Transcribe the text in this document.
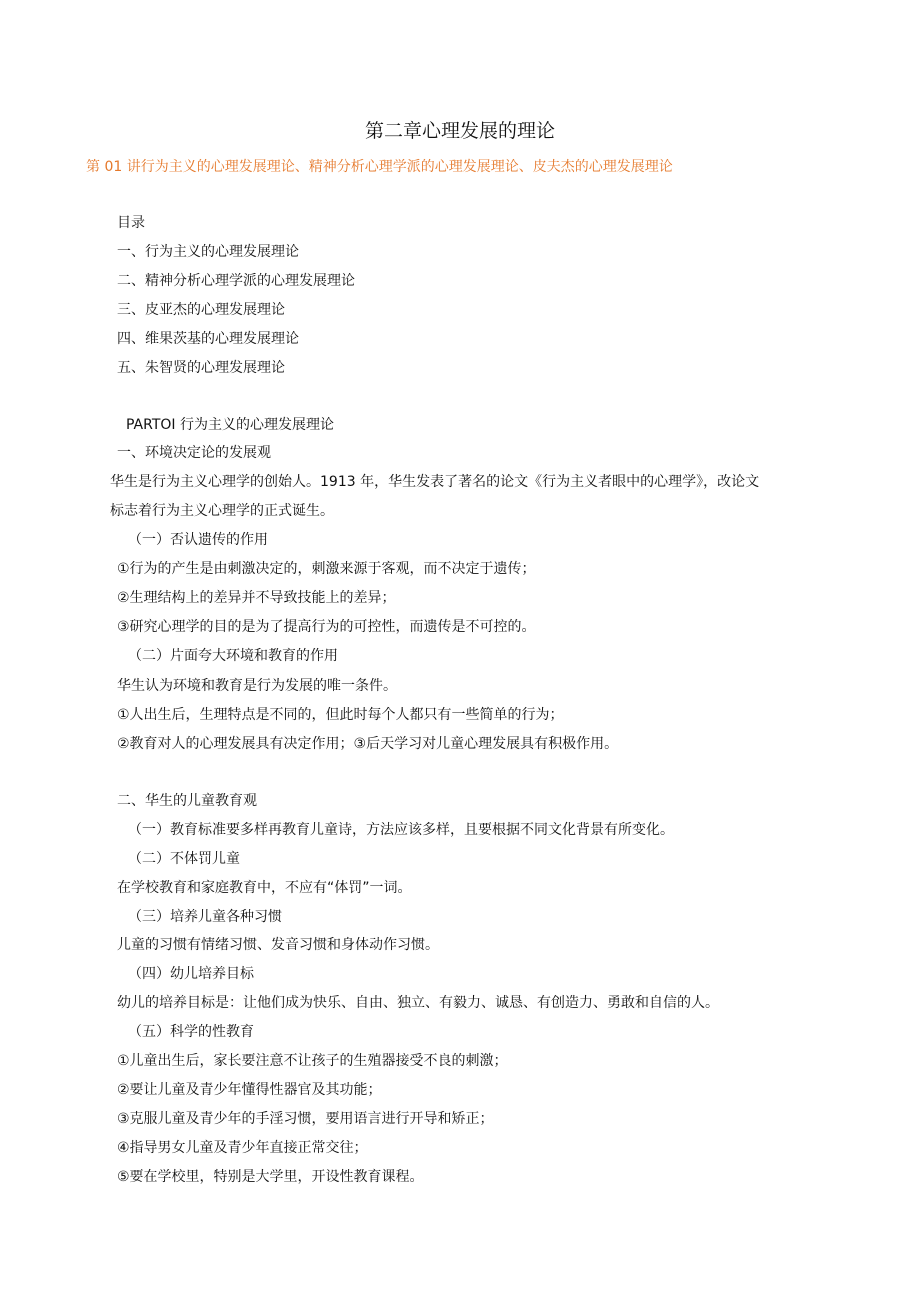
第二章心理发展的理论
第 01 讲行为主义的心理发展理论、精神分析心理学派的心理发展理论、皮夫杰的心理发展理论
目录
一、行为主义的心理发展理论
二、精神分析心理学派的心理发展理论
三、皮亚杰的心理发展理论
四、维果茨基的心理发展理论
五、朱智贤的心理发展理论
PARTOI 行为主义的心理发展理论
一、环境决定论的发展观
华生是行为主义心理学的创始人。1913 年，华生发表了著名的论文《行为主义者眼中的心理学》，改论文
标志着行为主义心理学的正式诞生。
（一）否认遗传的作用
①行为的产生是由刺激决定的，刺激来源于客观，而不决定于遗传；
②生理结构上的差异并不导致技能上的差异；
③研究心理学的目的是为了提高行为的可控性，而遗传是不可控的。
（二）片面夸大环境和教育的作用
华生认为环境和教育是行为发展的唯一条件。
①人出生后，生理特点是不同的，但此时每个人都只有一些简单的行为；
②教育对人的心理发展具有决定作用；③后天学习对儿童心理发展具有积极作用。
二、华生的儿童教育观
（一）教育标准要多样再教育儿童诗，方法应该多样，且要根据不同文化背景有所变化。
（二）不体罚儿童
在学校教育和家庭教育中，不应有“体罚”一词。
（三）培养儿童各种习惯
儿童的习惯有情绪习惯、发音习惯和身体动作习惯。
（四）幼儿培养目标
幼儿的培养目标是：让他们成为快乐、自由、独立、有毅力、诚恳、有创造力、勇敢和自信的人。
（五）科学的性教育
①儿童出生后，家长要注意不让孩子的生殖器接受不良的刺激；
②要让儿童及青少年懂得性器官及其功能；
③克服儿童及青少年的手淫习惯，要用语言进行开导和矫正；
④指导男女儿童及青少年直接正常交往；
⑤要在学校里，特别是大学里，开设性教育课程。
